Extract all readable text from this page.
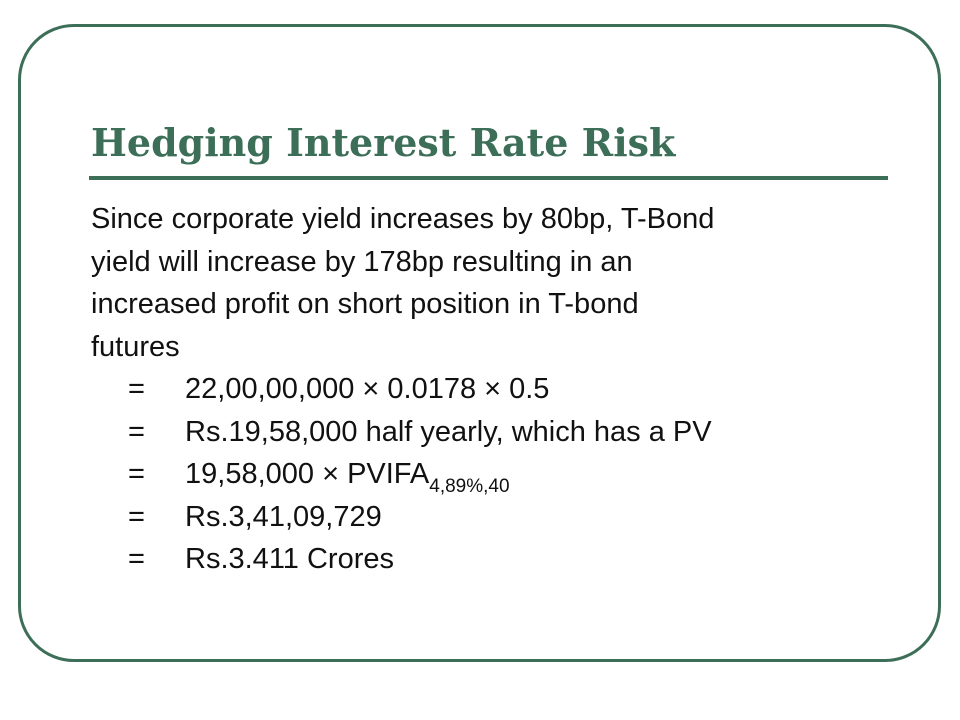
Hedging Interest Rate Risk
Since corporate yield increases by 80bp, T-Bond
yield will increase by 178bp resulting in an
increased profit on short position in T-bond
futures
=	22,00,00,000 × 0.0178 × 0.5
=	Rs.19,58,000 half yearly, which has a PV
=	$19,58,000 \times PVIFA_{4,89\%,40}$
=	Rs.3,41,09,729
=	Rs.3.411 Crores
